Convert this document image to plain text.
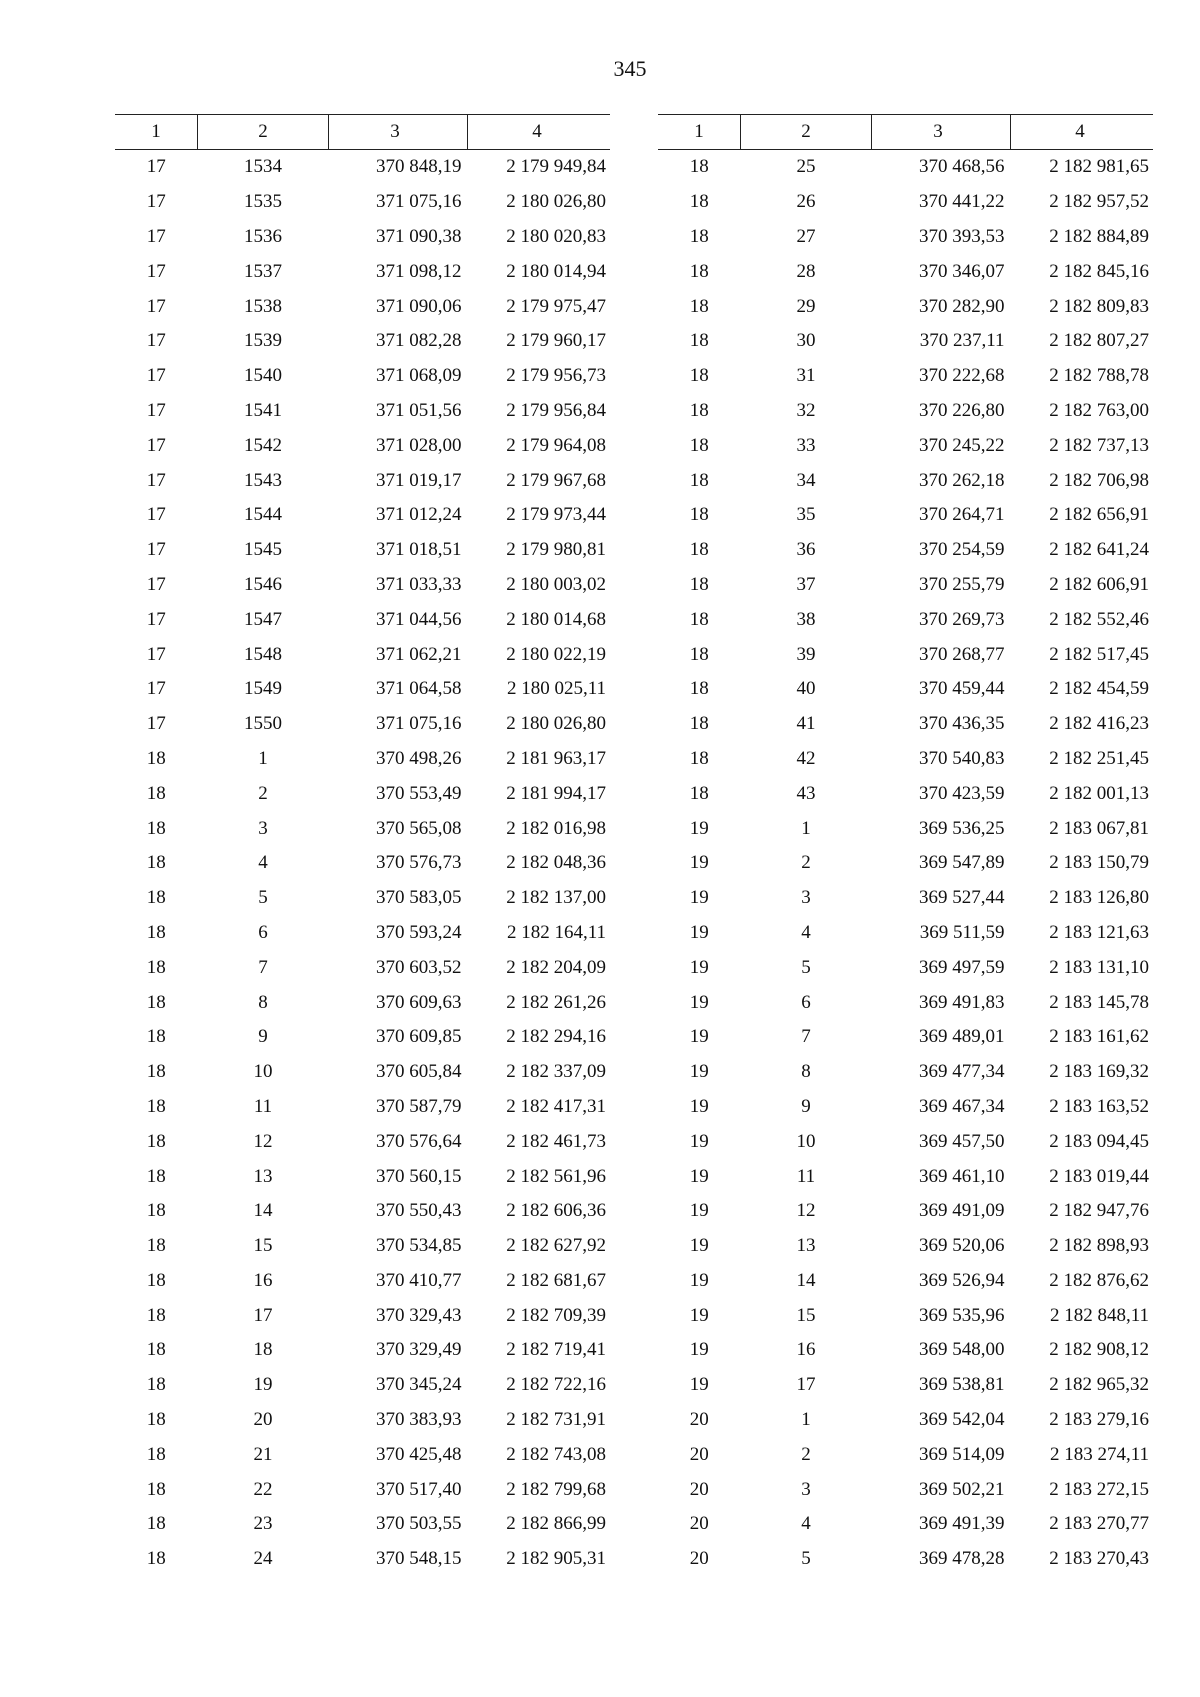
345
1	2	3	4
17	1534	370 848,19	2 179 949,84
17	1535	371 075,16	2 180 026,80
17	1536	371 090,38	2 180 020,83
17	1537	371 098,12	2 180 014,94
17	1538	371 090,06	2 179 975,47
17	1539	371 082,28	2 179 960,17
17	1540	371 068,09	2 179 956,73
17	1541	371 051,56	2 179 956,84
17	1542	371 028,00	2 179 964,08
17	1543	371 019,17	2 179 967,68
17	1544	371 012,24	2 179 973,44
17	1545	371 018,51	2 179 980,81
17	1546	371 033,33	2 180 003,02
17	1547	371 044,56	2 180 014,68
17	1548	371 062,21	2 180 022,19
17	1549	371 064,58	2 180 025,11
17	1550	371 075,16	2 180 026,80
18	1	370 498,26	2 181 963,17
18	2	370 553,49	2 181 994,17
18	3	370 565,08	2 182 016,98
18	4	370 576,73	2 182 048,36
18	5	370 583,05	2 182 137,00
18	6	370 593,24	2 182 164,11
18	7	370 603,52	2 182 204,09
18	8	370 609,63	2 182 261,26
18	9	370 609,85	2 182 294,16
18	10	370 605,84	2 182 337,09
18	11	370 587,79	2 182 417,31
18	12	370 576,64	2 182 461,73
18	13	370 560,15	2 182 561,96
18	14	370 550,43	2 182 606,36
18	15	370 534,85	2 182 627,92
18	16	370 410,77	2 182 681,67
18	17	370 329,43	2 182 709,39
18	18	370 329,49	2 182 719,41
18	19	370 345,24	2 182 722,16
18	20	370 383,93	2 182 731,91
18	21	370 425,48	2 182 743,08
18	22	370 517,40	2 182 799,68
18	23	370 503,55	2 182 866,99
18	24	370 548,15	2 182 905,31
1	2	3	4
18	25	370 468,56	2 182 981,65
18	26	370 441,22	2 182 957,52
18	27	370 393,53	2 182 884,89
18	28	370 346,07	2 182 845,16
18	29	370 282,90	2 182 809,83
18	30	370 237,11	2 182 807,27
18	31	370 222,68	2 182 788,78
18	32	370 226,80	2 182 763,00
18	33	370 245,22	2 182 737,13
18	34	370 262,18	2 182 706,98
18	35	370 264,71	2 182 656,91
18	36	370 254,59	2 182 641,24
18	37	370 255,79	2 182 606,91
18	38	370 269,73	2 182 552,46
18	39	370 268,77	2 182 517,45
18	40	370 459,44	2 182 454,59
18	41	370 436,35	2 182 416,23
18	42	370 540,83	2 182 251,45
18	43	370 423,59	2 182 001,13
19	1	369 536,25	2 183 067,81
19	2	369 547,89	2 183 150,79
19	3	369 527,44	2 183 126,80
19	4	369 511,59	2 183 121,63
19	5	369 497,59	2 183 131,10
19	6	369 491,83	2 183 145,78
19	7	369 489,01	2 183 161,62
19	8	369 477,34	2 183 169,32
19	9	369 467,34	2 183 163,52
19	10	369 457,50	2 183 094,45
19	11	369 461,10	2 183 019,44
19	12	369 491,09	2 182 947,76
19	13	369 520,06	2 182 898,93
19	14	369 526,94	2 182 876,62
19	15	369 535,96	2 182 848,11
19	16	369 548,00	2 182 908,12
19	17	369 538,81	2 182 965,32
20	1	369 542,04	2 183 279,16
20	2	369 514,09	2 183 274,11
20	3	369 502,21	2 183 272,15
20	4	369 491,39	2 183 270,77
20	5	369 478,28	2 183 270,43
